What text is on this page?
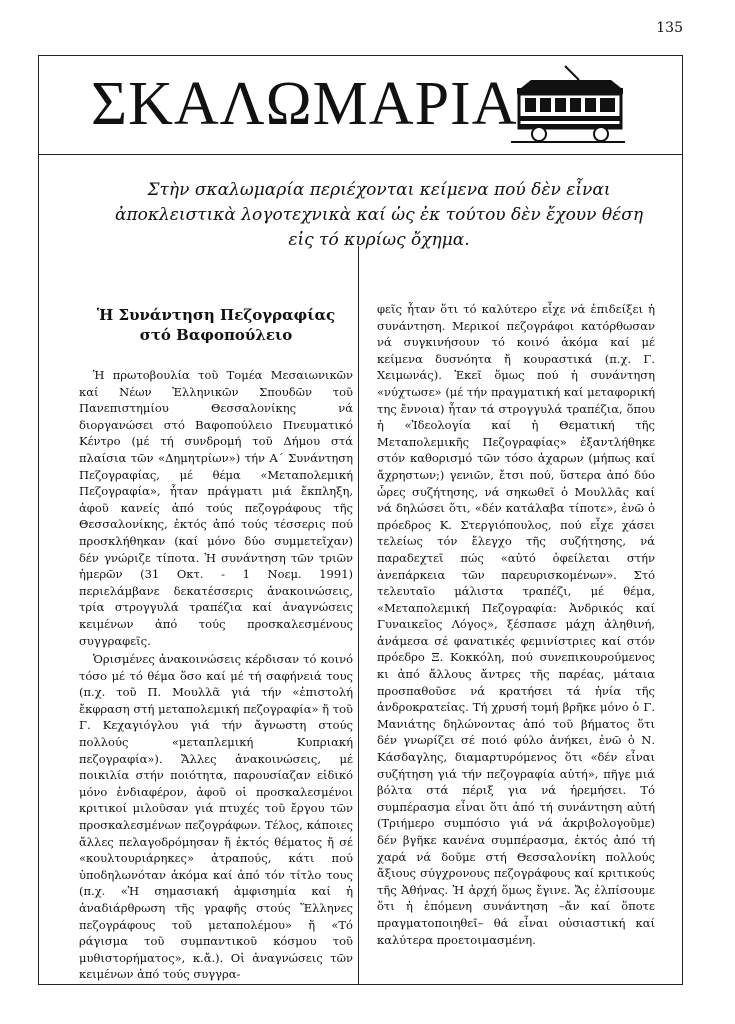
135
ΣΚΑΛΩΜΑΡΙΑ
Στὴν σκαλωμαρία περιέχονται κείμενα πού δὲν εἶναι ἀποκλειστικὰ λογοτεχνικὰ καί ὡς ἐκ τούτου δὲν ἔχουν θέση εἰς τό κυρίως ὄχημα.
Ἡ Συνάντηση Πεζογραφίας
στό Βαφοπούλειο

Ἡ πρωτοβουλία τοῦ Τομέα Μεσαιωνικῶν καί Νέων Ἑλληνικῶν Σπουδῶν τοῦ Πανεπιστημίου Θεσσαλονίκης νά διοργανώσει στό Βαφοπούλειο Πνευματικό Κέντρο (μέ τή συνδρομή τοῦ Δήμου στά πλαίσια τῶν «Δημητρίων») τήν Α΄ Συνάντηση Πεζογραφίας, μέ θέμα «Μεταπολεμική Πεζογραφία», ἦταν πράγματι μιά ἔκπληξη, ἀφοῦ κανείς ἀπό τούς πεζογράφους τῆς Θεσσαλονίκης, ἐκτός ἀπό τούς τέσσερις πού προσκλήθηκαν (καί μόνο δύο συμμετεῖχαν) δέν γνώριζε τίποτα. Ἡ συνάντηση τῶν τριῶν ἡμερῶν (31 Οκτ. - 1 Νοεμ. 1991) περιελάμβανε δεκατέσσερις ἀνακοινώσεις, τρία στρογγυλά τραπέζια καί ἀναγνώσεις κειμένων ἀπό τούς προσκαλεσμένους συγγραφεῖς.

Ὁρισμένες ἀνακοινώσεις κέρδισαν τό κοινό τόσο μέ τό θέμα ὅσο καί μέ τή σαφήνειά τους (π.χ. τοῦ Π. Μουλλᾶ γιά τήν «ἐπιστολή ἔκφραση στή μεταπολεμική πεζογραφία» ἤ τοῦ Γ. Κεχαγιόγλου γιά τήν ἄγνωστη στούς πολλούς «μεταπλεμική Κυπριακή πεζογραφία»). Ἄλλες ἀνακοινώσεις, μέ ποικιλία στήν ποιότητα, παρουσίαζαν εἰδικό μόνο ἐνδιαφέρον, ἀφοῦ οἱ προσκαλεσμένοι κριτικοί μιλοῦσαν γιά πτυχές τοῦ ἔργου τῶν προσκαλεσμένων πεζογράφων. Τέλος, κάποιες ἄλλες πελαγοδρόμησαν ἤ ἐκτός θέματος ἤ σέ «κουλτουριάρηκες» ἀτραπούς, κάτι πού ὑποδηλωνόταν ἀκόμα καί ἀπό τόν τίτλο τους (π.χ. «Ἡ σημασιακή ἀμφισημία καί ἡ ἀναδιάρθρωση τῆς γραφῆς στούς Ἕλληνες πεζογράφους τοῦ μεταπολέμου» ἤ «Τό ράγισμα τοῦ συμπαντικοῦ κόσμου τοῦ μυθιστορήματος», κ.ἄ.). Οἱ ἀναγνώσεις τῶν κειμένων ἀπό τούς συγγρα-

φεῖς ἦταν ὅτι τό καλύτερο εἶχε νά ἐπιδείξει ἡ συνάντηση. Μερικοί πεζογράφοι κατόρθωσαν νά συγκινήσουν τό κοινό ἀκόμα καί μέ κείμενα δυσνόητα ἤ κουραστικά (π.χ. Γ. Χειμωνάς). Ἐκεῖ ὅμως πού ἡ συνάντηση «νύχτωσε» (μέ τήν πραγματική καί μεταφορική της ἔννοια) ἦταν τά στρογγυλά τραπέζια, ὅπου ἡ «Ἰδεολογία καί ἡ Θεματική τῆς Μεταπολεμικῆς Πεζογραφίας» ἐξαντλήθηκε στόν καθορισμό τῶν τόσο ἀχαρων (μήπως καί ἄχρηστων;) γενιῶν, ἔτσι πού, ὕστερα ἀπό δύο ὧρες συζήτησης, νά σηκωθεῖ ὁ Μουλλᾶς καί νά δηλώσει ὅτι, «δέν κατάλαβα τίποτε», ἐνῶ ὁ πρόεδρος Κ. Στεργιόπουλος, πού εἶχε χάσει τελείως τόν ἔλεγχο τῆς συζήτησης, νά παραδεχτεῖ πώς «αὐτό ὀφείλεται στήν ἀνεπάρκεια τῶν παρευρισκομένων». Στό τελευταῖο μάλιστα τραπέζι, μέ θέμα, «Μεταπολεμική Πεζογραφία: Ἀνδρικός καί Γυναικεῖος Λόγος», ξέσπασε μάχη ἀληθινή, ἀνάμεσα σέ φανατικές φεμινίστριες καί στόν πρόεδρο Ξ. Κοκκόλη, πού συνεπικουρούμενος κι ἀπό ἄλλους ἄντρες τῆς παρέας, μάταια προσπαθοῦσε νά κρατήσει τά ἡνία τῆς ἀνδροκρατείας. Τή χρυσή τομή βρῆκε μόνο ὁ Γ. Μανιάτης δηλώνοντας ἀπό τοῦ βήματος ὅτι δέν γνωρίζει σέ ποιό φύλο ἀνήκει, ἐνῶ ὁ Ν. Κάσδαγλης, διαμαρτυρόμενος ὅτι «δέν εἶναι συζήτηση γιά τήν πεζογραφία αὐτή», πῆγε μιά βόλτα στά πέριξ για νά ἠρεμήσει. Τό συμπέρασμα εἶναι ὅτι ἀπό τή συνάντηση αὐτή (Τριήμερο συμπόσιο γιά νά ἀκριβολογοῦμε) δέν βγῆκε κανένα συμπέρασμα, ἐκτός ἀπό τή χαρά νά δοῦμε στή Θεσσαλονίκη πολλούς ἄξιους σύγχρονους πεζογράφους καί κριτικούς τῆς Ἀθήνας. Ἡ ἀρχή ὅμως ἔγινε. Ἄς ἐλπίσουμε ὅτι ἡ ἑπόμενη συνάντηση –ἄν καί ὅποτε πραγματοποιηθεῖ– θά εἶναι οὐσιαστική καί καλύτερα προετοιμασμένη.
